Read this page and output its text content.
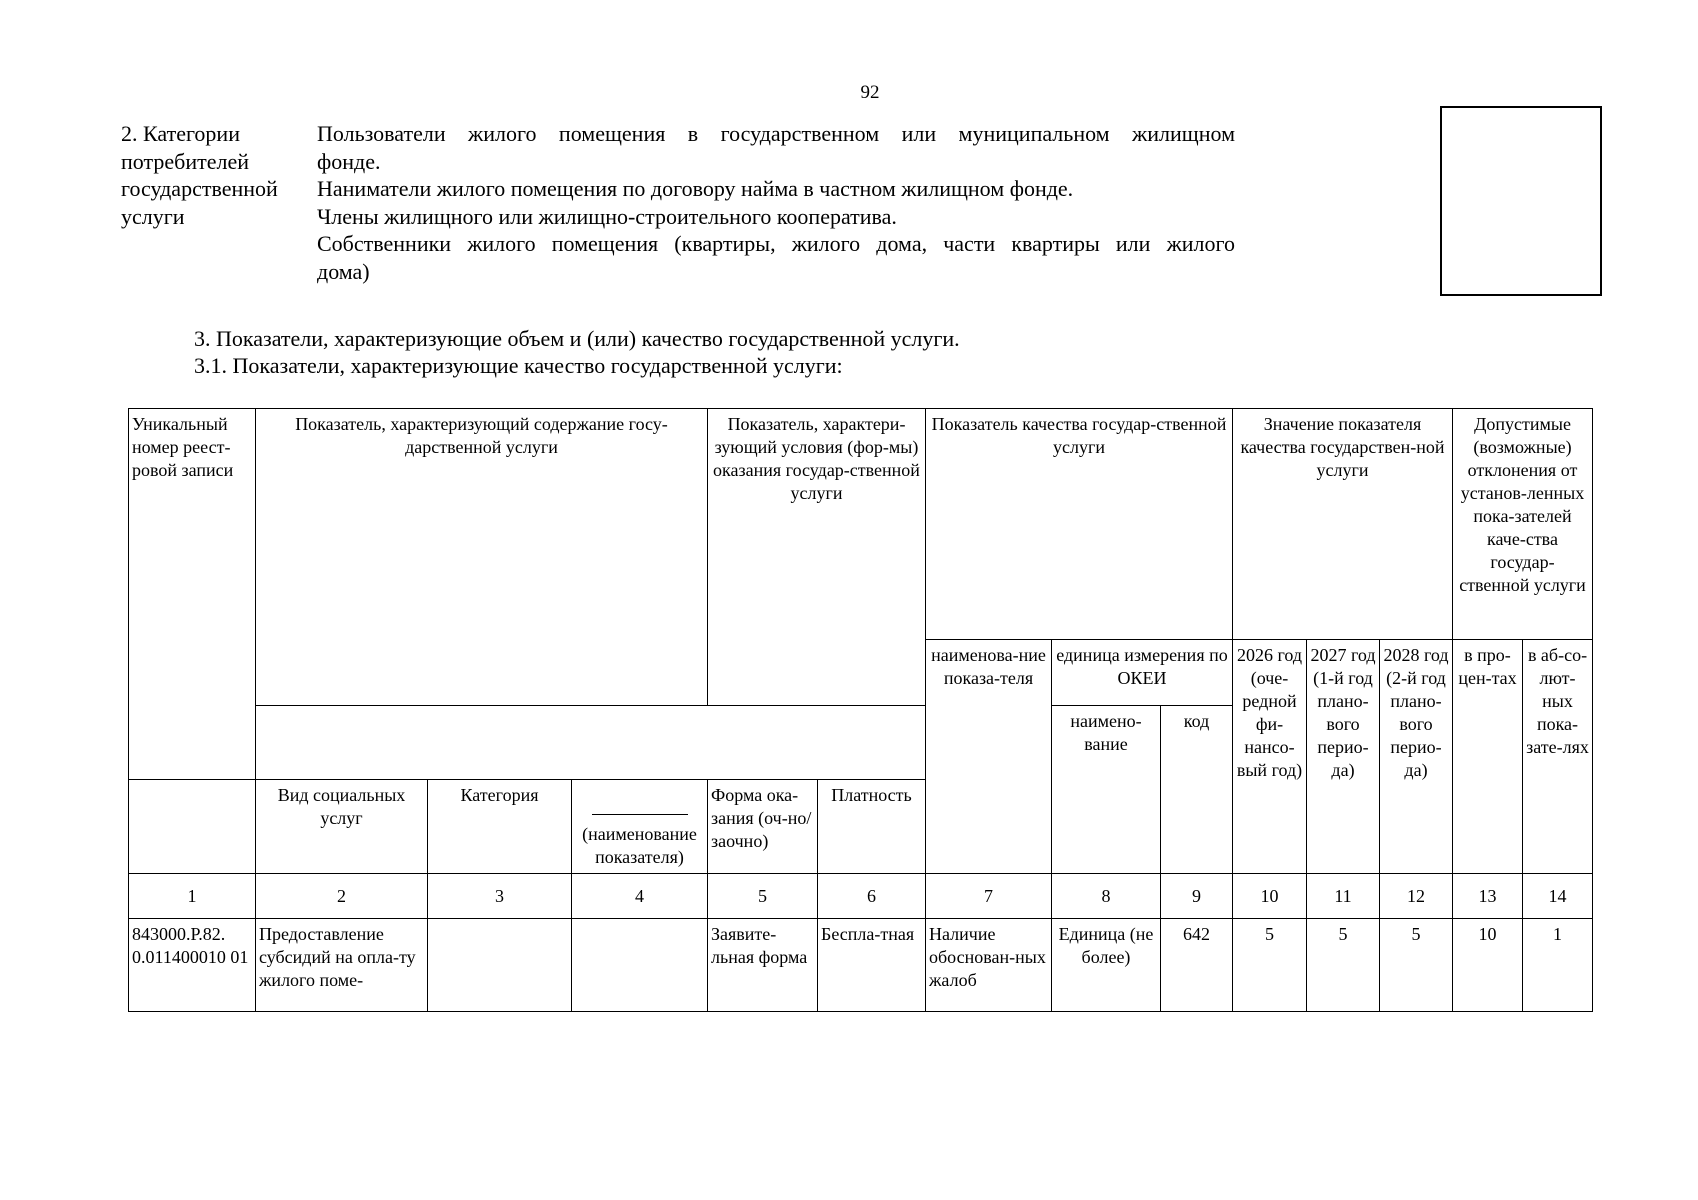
92
2. Категории
потребителей
государственной
услуги
Пользователи жилого помещения в государственном или муниципальном жилищном
фонде.
Наниматели жилого помещения по договору найма в частном жилищном фонде.
Члены жилищного или жилищно-строительного кооператива.
Собственники жилого помещения (квартиры, жилого дома, части квартиры или жилого
дома)
3. Показатели, характеризующие объем и (или) качество государственной услуги.
3.1. Показатели, характеризующие качество государственной услуги:
Уникальный номер реест-ровой записи	Показатель, характеризующий содержание госу-дарственной услуги			Показатель, характери-зующий условия (фор-мы) оказания государ-ственной услуги		Показатель качества государ-ственной услуги			Значение показателя качества государствен-ной услуги			Допустимые (возможные) отклонения от установ-ленных пока-зателей каче-ства государ-ственной услуги	
						наименова-ние показа-теля	единица измерения по ОКЕИ		2026 год (оче-редной фи-нансо-вый год)	2027 год (1-й год плано-вого перио-да)	2028 год (2-й год плано-вого перио-да)	в про-цен-тах	в аб-со-лют-ных пока-зате-лях
							наимено-вание	код					
	Вид социальных услуг	Категория	(наименование показателя)	Форма ока-зания (оч-но/заочно)	Платность								
1	2	3	4	5	6	7	8	9	10	11	12	13	14
843000.Р.82. 0.011400010 01	Предоставление субсидий на опла-ту жилого поме-			Заявите-льная форма	Беспла-тная	Наличие обоснован-ных жалоб	Единица (не более)	642	5	5	5	10	1
